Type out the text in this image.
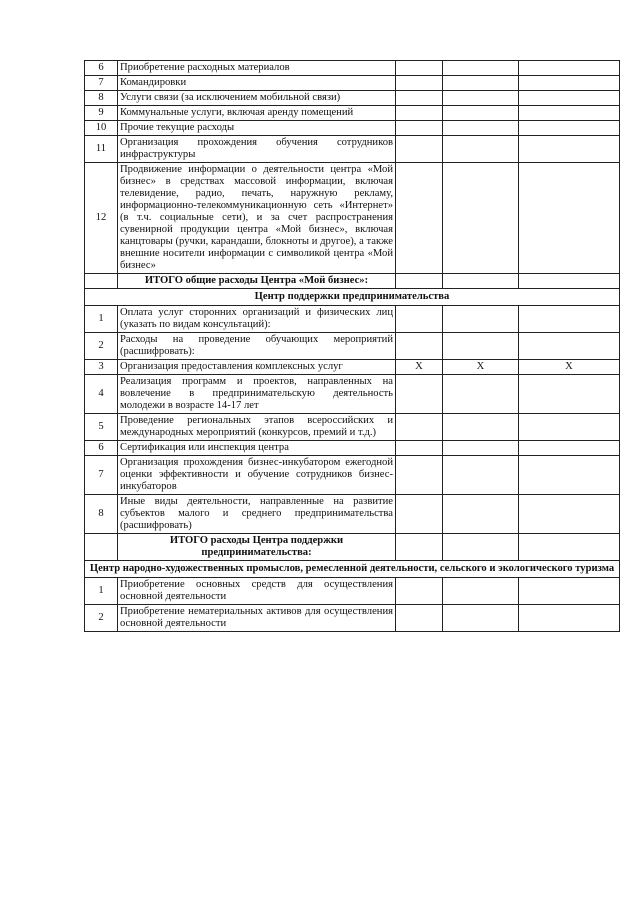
6	Приобретение расходных материалов			
7	Командировки			
8	Услуги связи (за исключением мобильной связи)			
9	Коммунальные услуги, включая аренду помещений			
10	Прочие текущие расходы			
11	Организация прохождения обучения сотрудников инфраструктуры			
12	Продвижение информации о деятельности центра «Мой бизнес» в средствах массовой информации, включая телевидение, радио, печать, наружную рекламу, информационно-телекоммуникационную сеть «Интернет» (в т.ч. социальные сети), и за счет распространения сувенирной продукции центра «Мой бизнес», включая канцтовары (ручки, карандаши, блокноты и другое), а также внешние носители информации с символикой центра «Мой бизнес»			
	ИТОГО общие расходы Центра «Мой бизнес»:			
Центр поддержки предпринимательства				
1	Оплата услуг сторонних организаций и физических лиц (указать по видам консультаций):			
2	Расходы на проведение обучающих мероприятий (расшифровать):			
3	Организация предоставления комплексных услуг	Х	Х	Х
4	Реализация программ и проектов, направленных на вовлечение в предпринимательскую деятельность молодежи в возрасте 14-17 лет			
5	Проведение региональных этапов всероссийских и международных мероприятий (конкурсов, премий и т.д.)			
6	Сертификация или инспекция центра			
7	Организация прохождения бизнес-инкубатором ежегодной оценки эффективности и обучение сотрудников бизнес-инкубаторов			
8	Иные виды деятельности, направленные на развитие субъектов малого и среднего предпринимательства (расшифровать)			
	ИТОГО расходы Центра поддержки предпринимательства:			
Центр народно-художественных промыслов, ремесленной деятельности, сельского и экологического туризма				
1	Приобретение основных средств для осуществления основной деятельности			
2	Приобретение нематериальных активов для осуществления основной деятельности			
